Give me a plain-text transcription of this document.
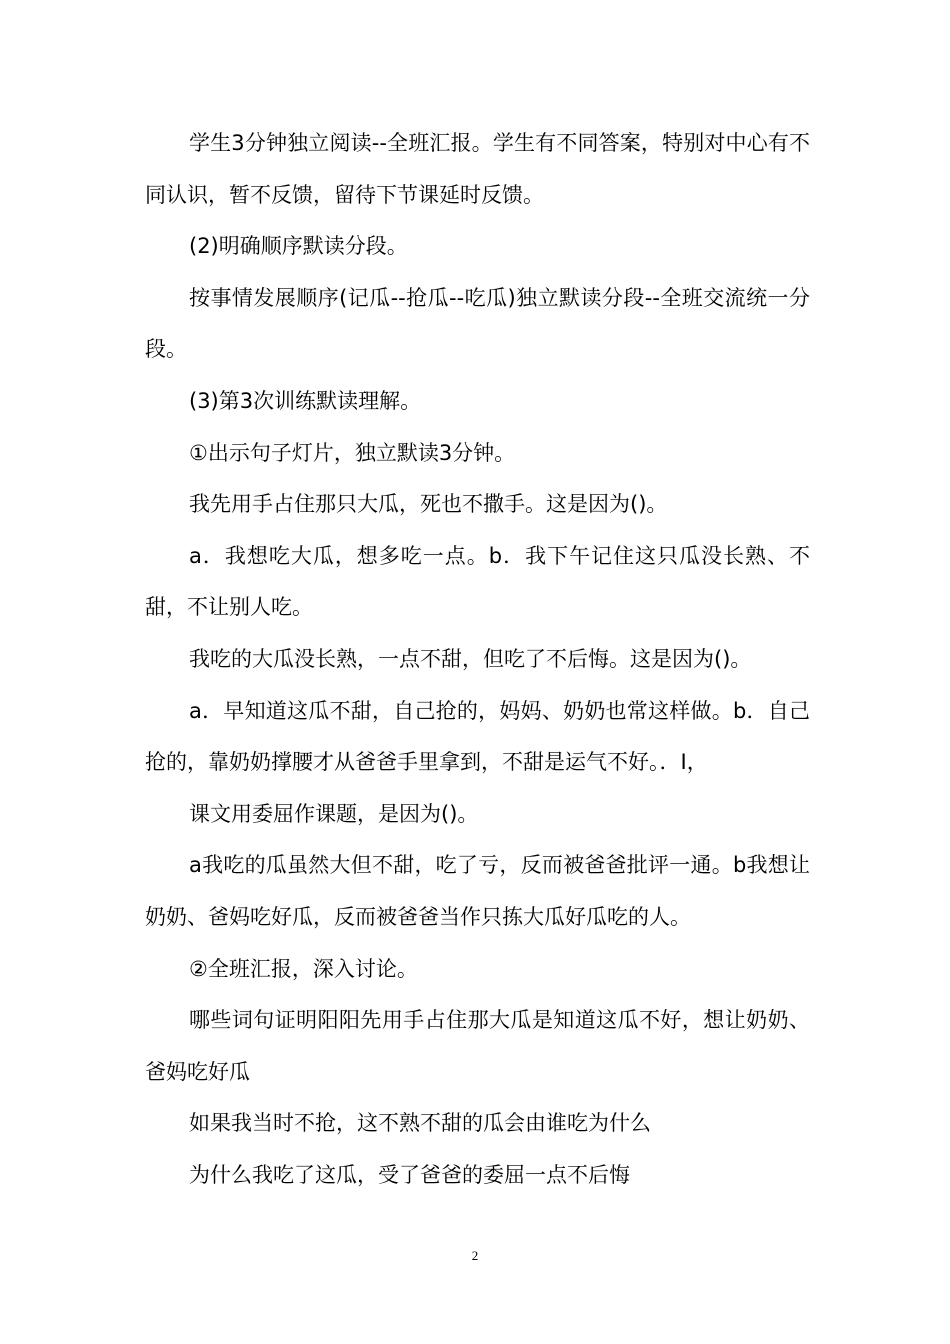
学生3分钟独立阅读--全班汇报。学生有不同答案，特别对中心有不同认识，暂不反馈，留待下节课延时反馈。

(2)明确顺序默读分段。

按事情发展顺序(记瓜--抢瓜--吃瓜)独立默读分段--全班交流统一分段。

(3)第3次训练默读理解。

①出示句子灯片，独立默读3分钟。

我先用手占住那只大瓜，死也不撒手。这是因为()。

a．我想吃大瓜，想多吃一点。b．我下午记住这只瓜没长熟、不甜，不让别人吃。

我吃的大瓜没长熟，一点不甜，但吃了不后悔。这是因为()。

a．早知道这瓜不甜，自己抢的，妈妈、奶奶也常这样做。b．自己抢的，靠奶奶撑腰才从爸爸手里拿到，不甜是运气不好。．I，

课文用委屈作课题，是因为()。

a我吃的瓜虽然大但不甜，吃了亏，反而被爸爸批评一通。b我想让奶奶、爸妈吃好瓜，反而被爸爸当作只拣大瓜好瓜吃的人。

②全班汇报，深入讨论。

哪些词句证明阳阳先用手占住那大瓜是知道这瓜不好，想让奶奶、爸妈吃好瓜

如果我当时不抢，这不熟不甜的瓜会由谁吃为什么

为什么我吃了这瓜，受了爸爸的委屈一点不后悔

2
